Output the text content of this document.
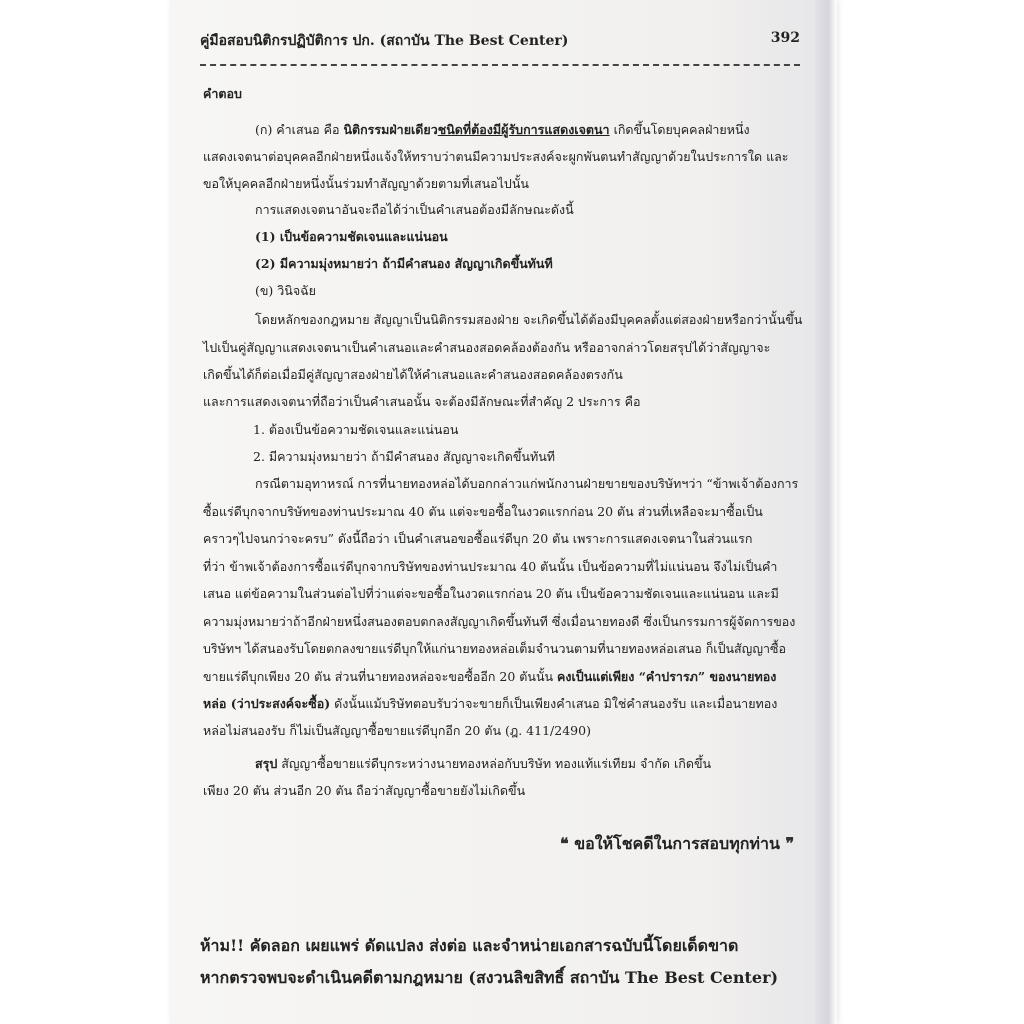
คู่มือสอบนิติกรปฏิบัติการ ปก. (สถาบัน The Best Center)	392
คำตอบ
(ก) คำเสนอ คือ นิติกรรมฝ่ายเดียวชนิดที่ต้องมีผู้รับการแสดงเจตนา เกิดขึ้นโดยบุคคลฝ่ายหนึ่ง
แสดงเจตนาต่อบุคคลอีกฝ่ายหนึ่งแจ้งให้ทราบว่าตนมีความประสงค์จะผูกพันตนทำสัญญาด้วยในประการใด และ
ขอให้บุคคลอีกฝ่ายหนึ่งนั้นร่วมทำสัญญาด้วยตามที่เสนอไปนั้น
การแสดงเจตนาอันจะถือได้ว่าเป็นคำเสนอต้องมีลักษณะดังนี้
(1) เป็นข้อความชัดเจนและแน่นอน
(2) มีความมุ่งหมายว่า ถ้ามีคำสนอง สัญญาเกิดขึ้นทันที
(ข) วินิจฉัย
โดยหลักของกฎหมาย สัญญาเป็นนิติกรรมสองฝ่าย จะเกิดขึ้นได้ต้องมีบุคคลตั้งแต่สองฝ่ายหรือกว่านั้นขึ้น
ไปเป็นคู่สัญญาแสดงเจตนาเป็นคำเสนอและคำสนองสอดคล้องต้องกัน หรืออาจกล่าวโดยสรุปได้ว่าสัญญาจะ
เกิดขึ้นได้ก็ต่อเมื่อมีคู่สัญญาสองฝ่ายได้ให้คำเสนอและคำสนองสอดคล้องตรงกัน
และการแสดงเจตนาที่ถือว่าเป็นคำเสนอนั้น จะต้องมีลักษณะที่สำคัญ 2 ประการ คือ
1. ต้องเป็นข้อความชัดเจนและแน่นอน
2. มีความมุ่งหมายว่า ถ้ามีคำสนอง สัญญาจะเกิดขึ้นทันที
กรณีตามอุทาหรณ์ การที่นายทองหล่อได้บอกกล่าวแก่พนักงานฝ่ายขายของบริษัทฯว่า “ข้าพเจ้าต้องการ
ซื้อแร่ดีบุกจากบริษัทของท่านประมาณ 40 ตัน แต่จะขอซื้อในงวดแรกก่อน 20 ตัน ส่วนที่เหลือจะมาซื้อเป็น
คราวๆไปจนกว่าจะครบ” ดังนี้ถือว่า เป็นคำเสนอขอซื้อแร่ดีบุก 20 ตัน เพราะการแสดงเจตนาในส่วนแรก
ที่ว่า ข้าพเจ้าต้องการซื้อแร่ดีบุกจากบริษัทของท่านประมาณ 40 ตันนั้น เป็นข้อความที่ไม่แน่นอน จึงไม่เป็นคำ
เสนอ แต่ข้อความในส่วนต่อไปที่ว่าแต่จะขอซื้อในงวดแรกก่อน 20 ตัน เป็นข้อความชัดเจนและแน่นอน และมี
ความมุ่งหมายว่าถ้าอีกฝ่ายหนึ่งสนองตอบตกลงสัญญาเกิดขึ้นทันที ซึ่งเมื่อนายทองดี ซึ่งเป็นกรรมการผู้จัดการของ
บริษัทฯ ได้สนองรับโดยตกลงขายแร่ดีบุกให้แก่นายทองหล่อเต็มจำนวนตามที่นายทองหล่อเสนอ ก็เป็นสัญญาซื้อ
ขายแร่ดีบุกเพียง 20 ตัน ส่วนที่นายทองหล่อจะขอซื้ออีก 20 ตันนั้น คงเป็นแต่เพียง “คำปรารภ” ของนายทอง
หล่อ (ว่าประสงค์จะซื้อ) ดังนั้นแม้บริษัทตอบรับว่าจะขายก็เป็นเพียงคำเสนอ มิใช่คำสนองรับ และเมื่อนายทอง
หล่อไม่สนองรับ ก็ไม่เป็นสัญญาซื้อขายแร่ดีบุกอีก 20 ตัน (ฎ. 411/2490)
สรุป สัญญาซื้อขายแร่ดีบุกระหว่างนายทองหล่อกับบริษัท ทองแท้แร่เทียม จำกัด เกิดขึ้น
เพียง 20 ตัน ส่วนอีก 20 ตัน ถือว่าสัญญาซื้อขายยังไม่เกิดขึ้น
❝ ขอให้โชคดีในการสอบทุกท่าน ❞
ห้าม!! คัดลอก เผยแพร่ ดัดแปลง ส่งต่อ และจำหน่ายเอกสารฉบับนี้โดยเด็ดขาด
หากตรวจพบจะดำเนินคดีตามกฎหมาย (สงวนลิขสิทธิ์ สถาบัน The Best Center)
